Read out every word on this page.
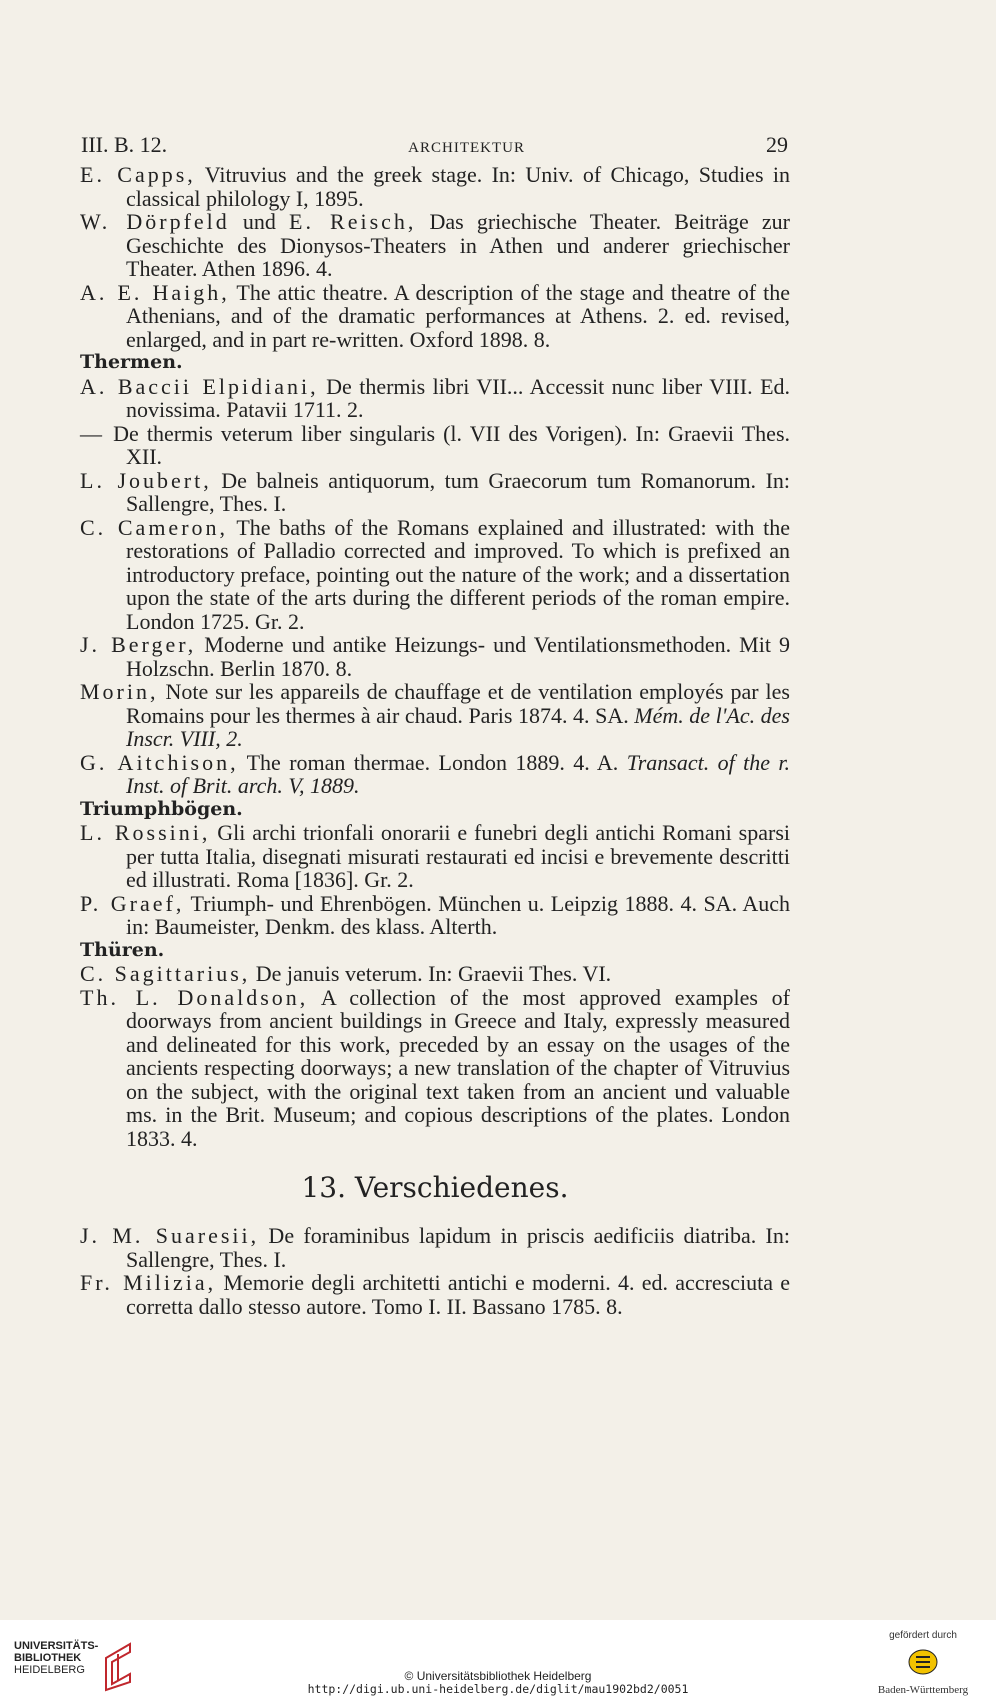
III. B. 12.	ARCHITEKTUR	29
E. Capps, Vitruvius and the greek stage. In: Univ. of Chicago, Studies in classical philology I, 1895.
W. Dörpfeld und E. Reisch, Das griechische Theater. Beiträge zur Geschichte des Dionysos-Theaters in Athen und anderer griechischer Theater. Athen 1896. 4.
A. E. Haigh, The attic theatre. A description of the stage and theatre of the Athenians, and of the dramatic performances at Athens. 2. ed. revised, enlarged, and in part re-written. Oxford 1898. 8.
Thermen.
A. Baccii Elpidiani, De thermis libri VII... Accessit nunc liber VIII. Ed. novissima. Patavii 1711. 2.
— De thermis veterum liber singularis (l. VII des Vorigen). In: Graevii Thes. XII.
L. Joubert, De balneis antiquorum, tum Graecorum tum Romanorum. In: Sallengre, Thes. I.
C. Cameron, The baths of the Romans explained and illustrated: with the restorations of Palladio corrected and improved. To which is prefixed an introductory preface, pointing out the nature of the work; and a dissertation upon the state of the arts during the different periods of the roman empire. London 1725. Gr. 2.
J. Berger, Moderne und antike Heizungs- und Ventilationsmethoden. Mit 9 Holzschn. Berlin 1870. 8.
Morin, Note sur les appareils de chauffage et de ventilation employés par les Romains pour les thermes à air chaud. Paris 1874. 4. SA. Mém. de l'Ac. des Inscr. VIII, 2.
G. Aitchison, The roman thermae. London 1889. 4. A. Transact. of the r. Inst. of Brit. arch. V, 1889.
Triumphbögen.
L. Rossini, Gli archi trionfali onorarii e funebri degli antichi Romani sparsi per tutta Italia, disegnati misurati restaurati ed incisi e brevemente descritti ed illustrati. Roma [1836]. Gr. 2.
P. Graef, Triumph- und Ehrenbögen. München u. Leipzig 1888. 4. SA. Auch in: Baumeister, Denkm. des klass. Alterth.
Thüren.
C. Sagittarius, De januis veterum. In: Graevii Thes. VI.
Th. L. Donaldson, A collection of the most approved examples of doorways from ancient buildings in Greece and Italy, expressly measured and delineated for this work, preceded by an essay on the usages of the ancients respecting doorways; a new translation of the chapter of Vitruvius on the subject, with the original text taken from an ancient und valuable ms. in the Brit. Museum; and copious descriptions of the plates. London 1833. 4.
13. Verschiedenes.
J. M. Suaresii, De foraminibus lapidum in priscis aedificiis diatriba. In: Sallengre, Thes. I.
Fr. Milizia, Memorie degli architetti antichi e moderni. 4. ed. accresciuta e corretta dallo stesso autore. Tomo I. II. Bassano 1785. 8.
UNIVERSITÄTS-
BIBLIOTHEK
HEIDELBERG	© Universitätsbibliothek Heidelberg
http://digi.ub.uni-heidelberg.de/diglit/mau1902bd2/0051
gefördert durch
Baden-Württemberg
